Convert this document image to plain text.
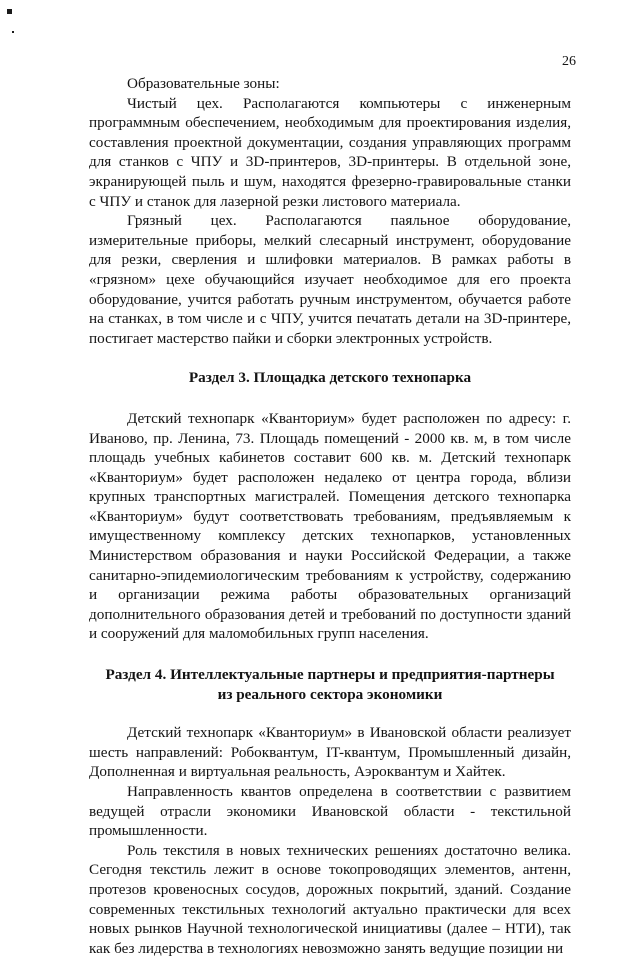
26

Образовательные зоны:

Чистый цех. Располагаются компьютеры с инженерным программным обеспечением, необходимым для проектирования изделия, составления проектной документации, создания управляющих программ для станков с ЧПУ и 3D-принтеров, 3D-принтеры. В отдельной зоне, экранирующей пыль и шум, находятся фрезерно-гравировальные станки с ЧПУ и станок для лазерной резки листового материала.

Грязный цех. Располагаются паяльное оборудование, измерительные приборы, мелкий слесарный инструмент, оборудование для резки, сверления и шлифовки материалов. В рамках работы в «грязном» цехе обучающийся изучает необходимое для его проекта оборудование, учится работать ручным инструментом, обучается работе на станках, в том числе и с ЧПУ, учится печатать детали на 3D-принтере, постигает мастерство пайки и сборки электронных устройств.

Раздел 3. Площадка детского технопарка

Детский технопарк «Кванториум» будет расположен по адресу: г. Иваново, пр. Ленина, 73. Площадь помещений - 2000 кв. м, в том числе площадь учебных кабинетов составит 600 кв. м. Детский технопарк «Кванториум» будет расположен недалеко от центра города, вблизи крупных транспортных магистралей. Помещения детского технопарка «Кванториум» будут соответствовать требованиям, предъявляемым к имущественному комплексу детских технопарков, установленных Министерством образования и науки Российской Федерации, а также санитарно-эпидемиологическим требованиям к устройству, содержанию и организации режима работы образовательных организаций дополнительного образования детей и требований по доступности зданий и сооружений для маломобильных групп населения.

Раздел 4. Интеллектуальные партнеры и предприятия-партнеры
из реального сектора экономики

Детский технопарк «Кванториум» в Ивановской области реализует шесть направлений: Робоквантум, IT-квантум, Промышленный дизайн, Дополненная и виртуальная реальность, Аэроквантум и Хайтек.

Направленность квантов определена в соответствии с развитием ведущей отрасли экономики Ивановской области - текстильной промышленности.

Роль текстиля в новых технических решениях достаточно велика. Сегодня текстиль лежит в основе токопроводящих элементов, антенн, протезов кровеносных сосудов, дорожных покрытий, зданий. Создание современных текстильных технологий актуально практически для всех новых рынков Научной технологической инициативы (далее – НТИ), так как без лидерства в технологиях невозможно занять ведущие позиции ни
